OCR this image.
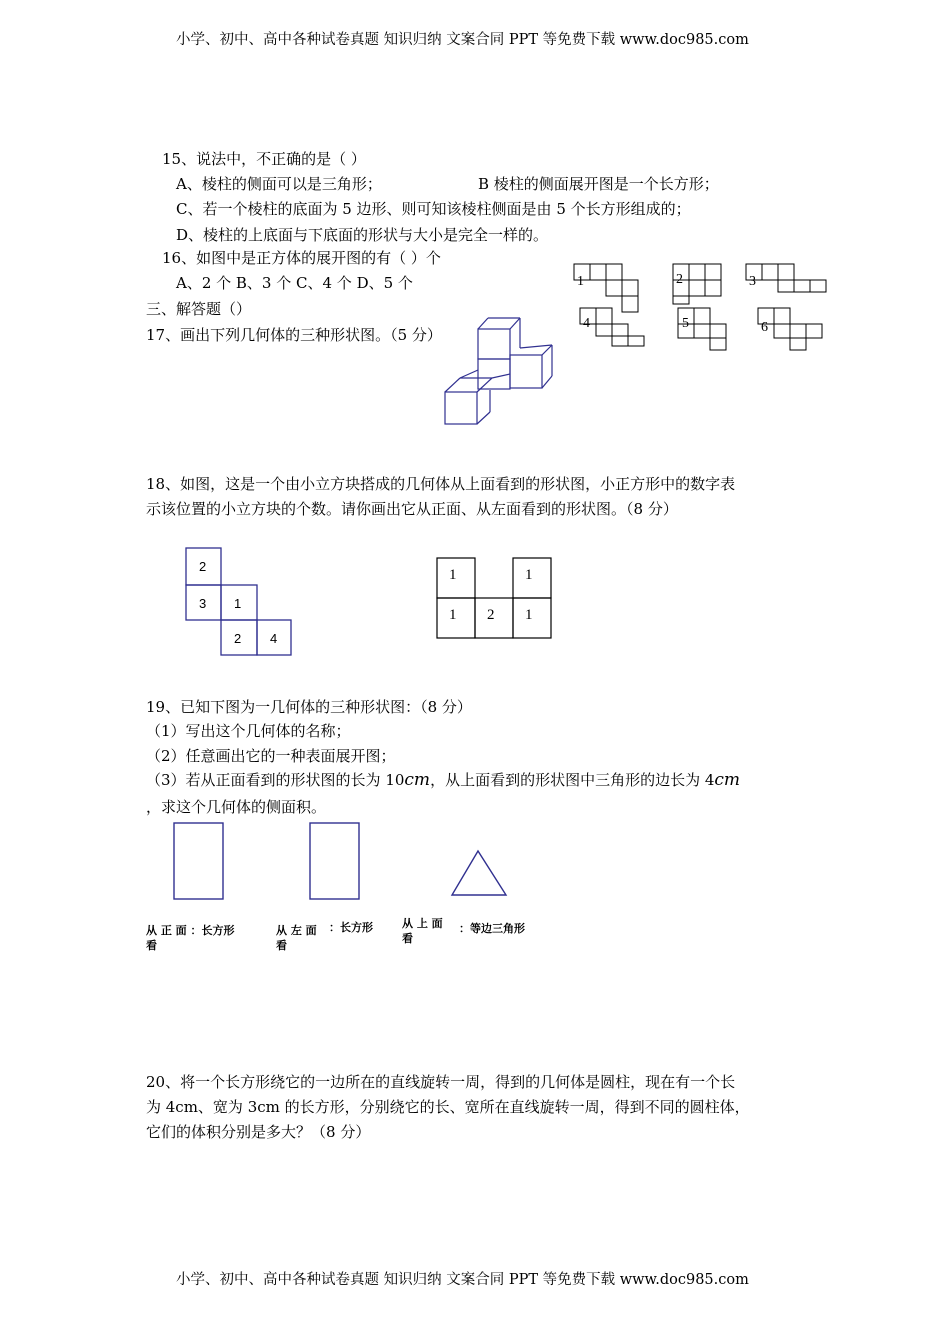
小学、初中、高中各种试卷真题 知识归纳 文案合同 PPT 等免费下载 www.doc985.com
小学、初中、高中各种试卷真题 知识归纳 文案合同 PPT 等免费下载 www.doc985.com
15、说法中，不正确的是（ ）
A、棱柱的侧面可以是三角形；	B 棱柱的侧面展开图是一个长方形；
C、若一个棱柱的底面为 5 边形、则可知该棱柱侧面是由 5 个长方形组成的；
D、棱柱的上底面与下底面的形状与大小是完全一样的。
16、如图中是正方体的展开图的有（ ）个
A、2 个 B、3 个 C、4 个 D、5 个	1	2	3
4	5	6
三、解答题（）
17、画出下列几何体的三种形状图。（5 分）
18、如图，这是一个由小立方块搭成的几何体从上面看到的形状图，小正方形中的数字表
示该位置的小立方块的个数。请你画出它从正面、从左面看到的形状图。（8 分）
2
3 1
2 4
1	1
1 2 1
19、已知下图为一几何体的三种形状图：（8 分）
（1）写出这个几何体的名称；
（2）任意画出它的一种表面展开图；
（3）若从正面看到的形状图的长为 10cm，从上面看到的形状图中三角形的边长为 4cm
，求这个几何体的侧面积。
从 正 面 ：长方形
看
从 左 面
看
：长方形	从 上 面
看
：等边三角形
20、将一个长方形绕它的一边所在的直线旋转一周，得到的几何体是圆柱，现在有一个长
为 4cm、宽为 3cm 的长方形，分别绕它的长、宽所在直线旋转一周，得到不同的圆柱体，
它们的体积分别是多大？（8 分）
